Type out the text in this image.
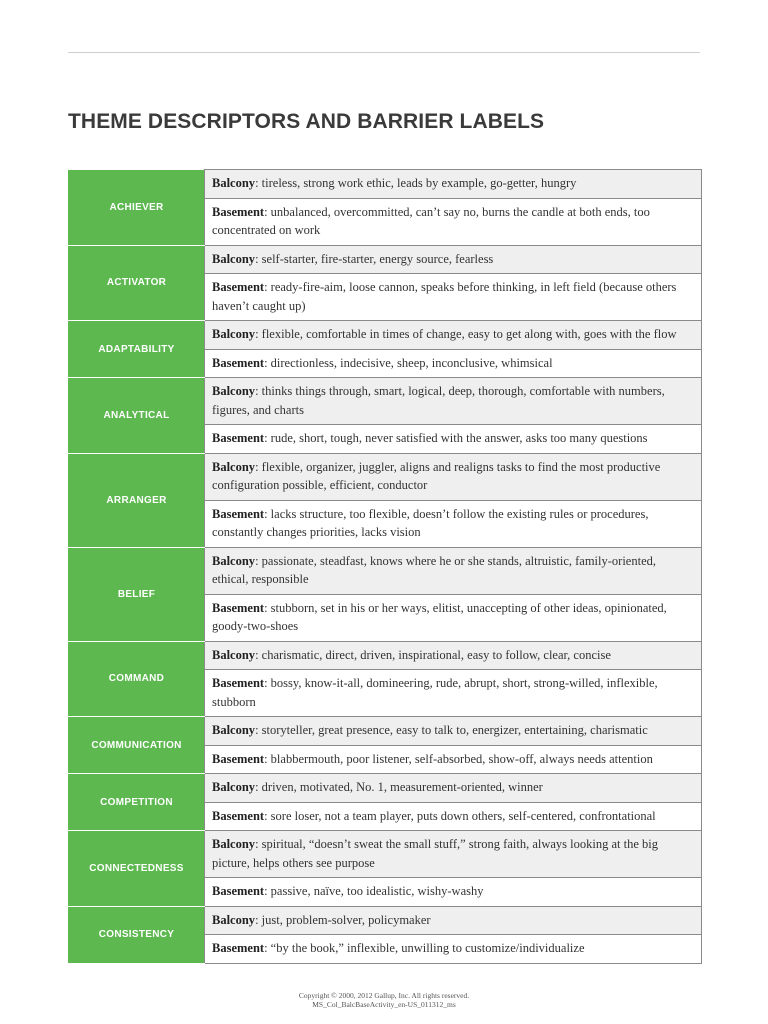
THEME DESCRIPTORS AND BARRIER LABELS
ACHIEVER	Balcony: tireless, strong work ethic, leads by example, go-getter, hungry
	Basement: unbalanced, overcommitted, can’t say no, burns the candle at both ends, too concentrated on work
ACTIVATOR	Balcony: self-starter, fire-starter, energy source, fearless
	Basement: ready-fire-aim, loose cannon, speaks before thinking, in left field (because others haven’t caught up)
ADAPTABILITY	Balcony: flexible, comfortable in times of change, easy to get along with, goes with the flow
	Basement: directionless, indecisive, sheep, inconclusive, whimsical
ANALYTICAL	Balcony: thinks things through, smart, logical, deep, thorough, comfortable with numbers, figures, and charts
	Basement: rude, short, tough, never satisfied with the answer, asks too many questions
ARRANGER	Balcony: flexible, organizer, juggler, aligns and realigns tasks to find the most productive configuration possible, efficient, conductor
	Basement: lacks structure, too flexible, doesn’t follow the existing rules or procedures, constantly changes priorities, lacks vision
BELIEF	Balcony: passionate, steadfast, knows where he or she stands, altruistic, family-oriented, ethical, responsible
	Basement: stubborn, set in his or her ways, elitist, unaccepting of other ideas, opinionated, goody-two-shoes
COMMAND	Balcony: charismatic, direct, driven, inspirational, easy to follow, clear, concise
	Basement: bossy, know-it-all, domineering, rude, abrupt, short, strong-willed, inflexible, stubborn
COMMUNICATION	Balcony: storyteller, great presence, easy to talk to, energizer, entertaining, charismatic
	Basement: blabbermouth, poor listener, self-absorbed, show-off, always needs attention
COMPETITION	Balcony: driven, motivated, No. 1, measurement-oriented, winner
	Basement: sore loser, not a team player, puts down others, self-centered, confrontational
CONNECTEDNESS	Balcony: spiritual, “doesn’t sweat the small stuff,” strong faith, always looking at the big picture, helps others see purpose
	Basement: passive, naïve, too idealistic, wishy-washy
CONSISTENCY	Balcony: just, problem-solver, policymaker
	Basement: “by the book,” inflexible, unwilling to customize/individualize
Copyright © 2000, 2012 Gallup, Inc. All rights reserved.
MS_Col_BalcBaseActivity_en-US_011312_ms
